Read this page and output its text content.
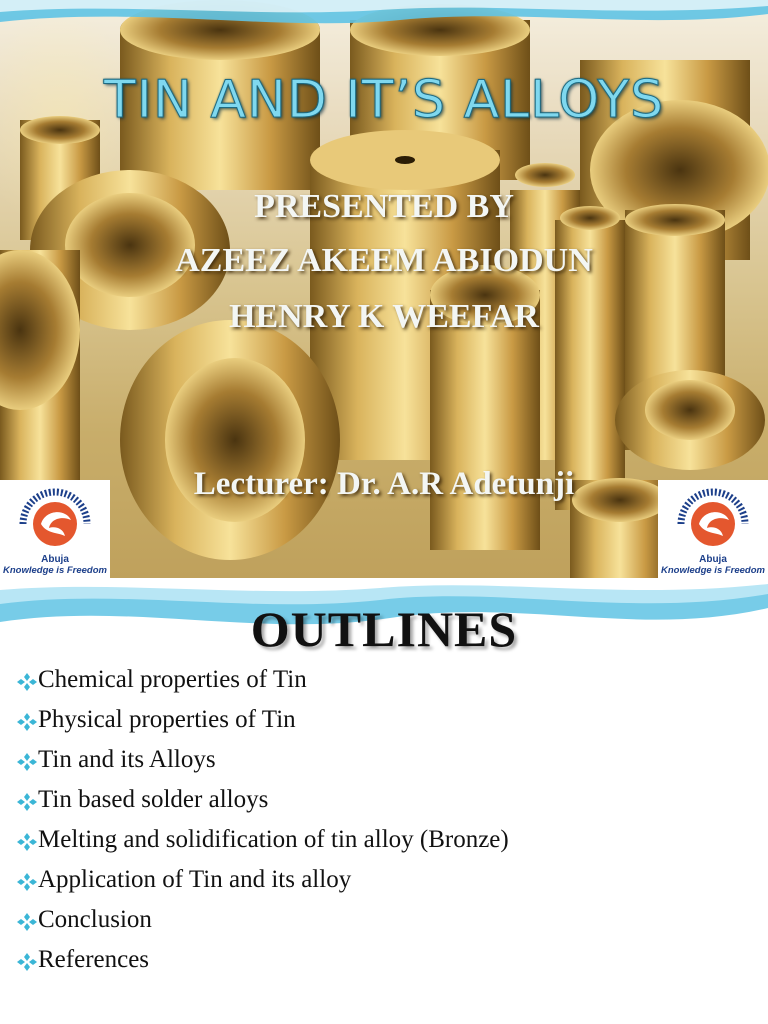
TIN AND IT’S ALLOYS
PRESENTED BY
AZEEZ AKEEM ABIODUN
HENRY K WEEFAR
Lecturer: Dr. A.R Adetunji
Abuja
Knowledge is Freedom
Abuja
Knowledge is Freedom
OUTLINES
Chemical properties of Tin
Physical properties of Tin
Tin and its Alloys
Tin based solder alloys
Melting and solidification of tin alloy (Bronze)
Application of Tin and its alloy
Conclusion
References
